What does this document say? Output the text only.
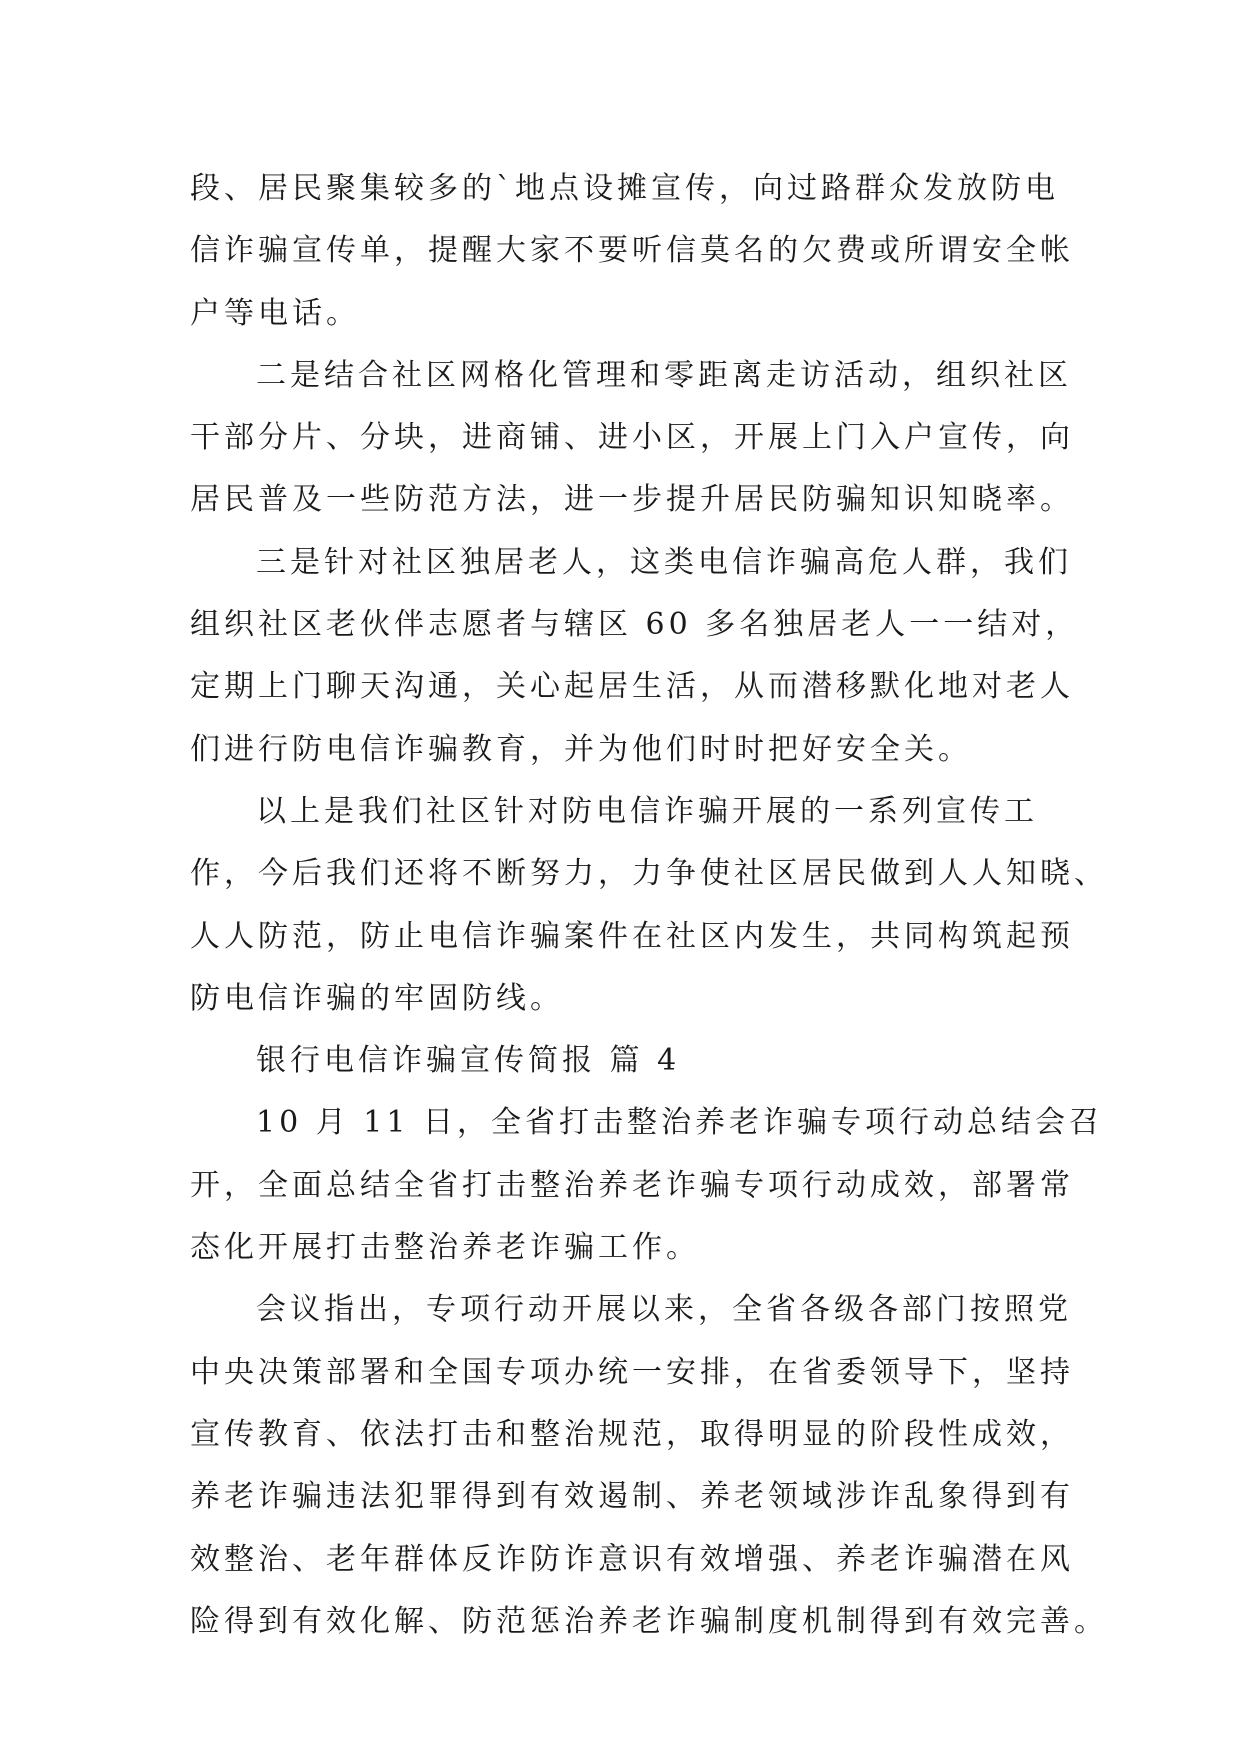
段、居民聚集较多的`地点设摊宣传，向过路群众发放防电
信诈骗宣传单，提醒大家不要听信莫名的欠费或所谓安全帐
户等电话。
二是结合社区网格化管理和零距离走访活动，组织社区
干部分片、分块，进商铺、进小区，开展上门入户宣传，向
居民普及一些防范方法，进一步提升居民防骗知识知晓率。
三是针对社区独居老人，这类电信诈骗高危人群，我们
组织社区老伙伴志愿者与辖区 60 多名独居老人一一结对，
定期上门聊天沟通，关心起居生活，从而潜移默化地对老人
们进行防电信诈骗教育，并为他们时时把好安全关。
以上是我们社区针对防电信诈骗开展的一系列宣传工
作，今后我们还将不断努力，力争使社区居民做到人人知晓、
人人防范，防止电信诈骗案件在社区内发生，共同构筑起预
防电信诈骗的牢固防线。
银行电信诈骗宣传简报 篇 4
10 月 11 日，全省打击整治养老诈骗专项行动总结会召
开，全面总结全省打击整治养老诈骗专项行动成效，部署常
态化开展打击整治养老诈骗工作。
会议指出，专项行动开展以来，全省各级各部门按照党
中央决策部署和全国专项办统一安排，在省委领导下，坚持
宣传教育、依法打击和整治规范，取得明显的阶段性成效，
养老诈骗违法犯罪得到有效遏制、养老领域涉诈乱象得到有
效整治、老年群体反诈防诈意识有效增强、养老诈骗潜在风
险得到有效化解、防范惩治养老诈骗制度机制得到有效完善。
